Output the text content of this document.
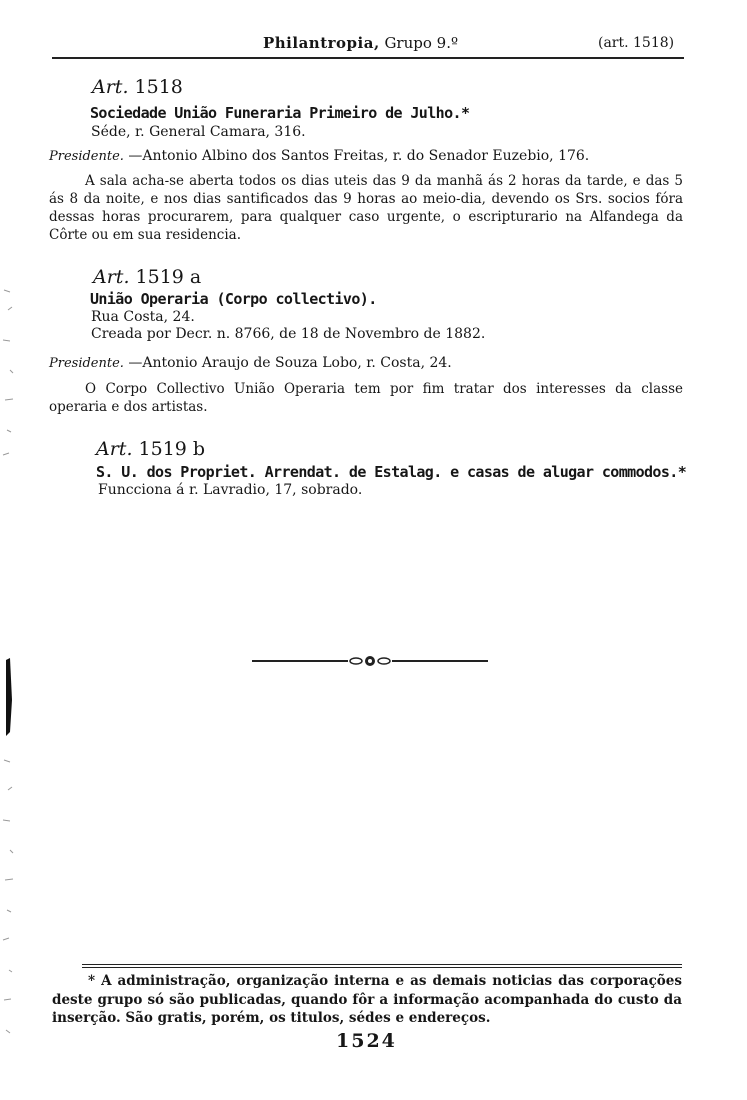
Philantropia, Grupo 9.º	(art. 1518)
Art. 1518
Sociedade União Funeraria Primeiro de Julho.*
Séde, r. General Camara, 316.
Presidente. —Antonio Albino dos Santos Freitas, r. do Senador Euzebio, 17​6.
A sala acha-se aberta todos os dias uteis das 9 da manhã ás 2 horas da tarde, e das 5 ás 8 da noite, e nos dias santificados das 9 horas ao meio-dia, devendo os Srs. socios fóra dessas horas procurarem, para qualquer caso urgente, o escripturario na Alfandega da Côrte ou em sua residencia.
Art. 1519 a
União Operaria (Corpo collectivo).
Rua Costa, 24.
Creada por Decr. n. 8766, de 18 de Novembro de 1882.
Presidente. —Antonio Araujo de Souza Lobo, r. Costa, 24.
O Corpo Collectivo União Operaria tem por fim tratar dos interesses da classe operaria e dos artistas.
Art. 1519 b
S. U. dos Propriet. Arrendat. de Estalag. e casas de alugar commodos.*
Funcciona á r. Lavradio, 17, sobrado.
* A administração, organização interna e as demais noticias das corporações deste grupo só são publicadas, quando fôr a informação acompanhada do custo da inserção. São gratis, porém, os titulos, sédes e endereços.
1524
